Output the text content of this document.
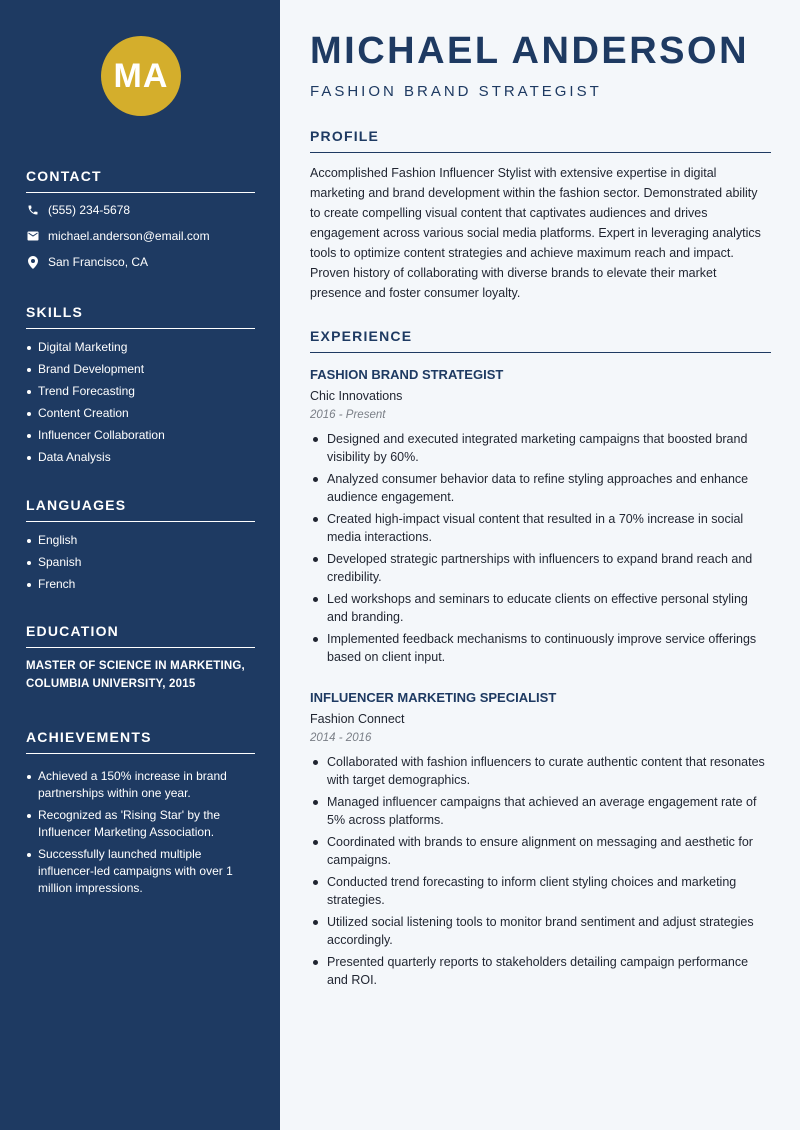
MA
CONTACT
(555) 234-5678
michael.anderson@email.com
San Francisco, CA
SKILLS
Digital Marketing
Brand Development
Trend Forecasting
Content Creation
Influencer Collaboration
Data Analysis
LANGUAGES
English
Spanish
French
EDUCATION
MASTER OF SCIENCE IN MARKETING,
COLUMBIA UNIVERSITY, 2015
ACHIEVEMENTS
Achieved a 150% increase in brand partnerships within one year.
Recognized as 'Rising Star' by the Influencer Marketing Association.
Successfully launched multiple influencer-led campaigns with over 1 million impressions.
MICHAEL ANDERSON
FASHION BRAND STRATEGIST
PROFILE

Accomplished Fashion Influencer Stylist with extensive expertise in digital marketing and brand development within the fashion sector. Demonstrated ability to create compelling visual content that captivates audiences and drives engagement across various social media platforms. Expert in leveraging analytics tools to optimize content strategies and achieve maximum reach and impact. Proven history of collaborating with diverse brands to elevate their market presence and foster consumer loyalty.

EXPERIENCE
FASHION BRAND STRATEGIST
Chic Innovations
2016 - Present
Designed and executed integrated marketing campaigns that boosted brand visibility by 60%.
Analyzed consumer behavior data to refine styling approaches and enhance audience engagement.
Created high-impact visual content that resulted in a 70% increase in social media interactions.
Developed strategic partnerships with influencers to expand brand reach and credibility.
Led workshops and seminars to educate clients on effective personal styling and branding.
Implemented feedback mechanisms to continuously improve service offerings based on client input.
INFLUENCER MARKETING SPECIALIST
Fashion Connect
2014 - 2016
Collaborated with fashion influencers to curate authentic content that resonates with target demographics.
Managed influencer campaigns that achieved an average engagement rate of 5% across platforms.
Coordinated with brands to ensure alignment on messaging and aesthetic for campaigns.
Conducted trend forecasting to inform client styling choices and marketing strategies.
Utilized social listening tools to monitor brand sentiment and adjust strategies accordingly.
Presented quarterly reports to stakeholders detailing campaign performance and ROI.
